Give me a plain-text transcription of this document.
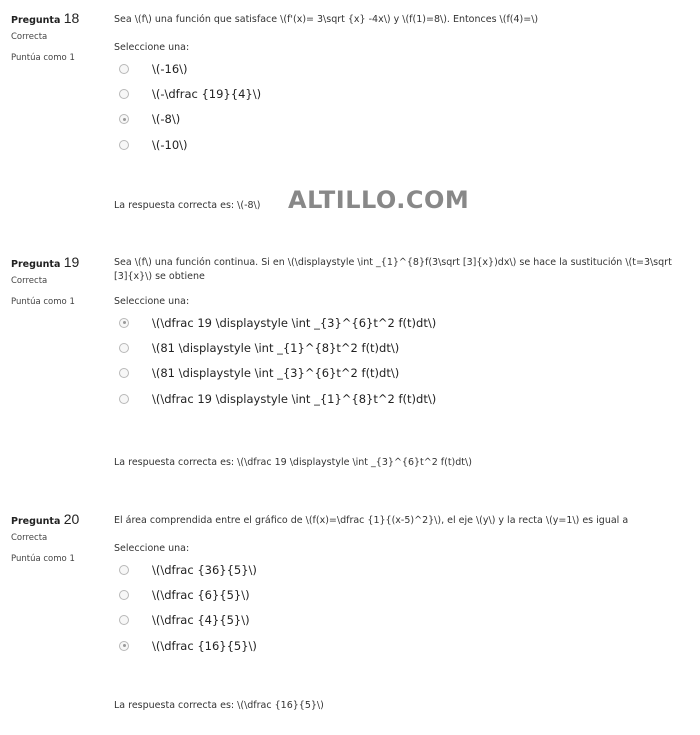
Pregunta 18
Correcta
Puntúa como 1
Sea \(f\) una función que satisface \(f'(x)= 3\sqrt {x} -4x\) y \(f(1)=8\). Entonces \(f(4)=\)
Seleccione una:
\(-16\)
\(-\dfrac {19}{4}\)
\(-8\)
\(-10\)
La respuesta correcta es: \(-8\) ALTILLO.COM
Pregunta 19
Correcta
Puntúa como 1
Sea \(f\) una función continua. Si en \(\displaystyle \int _{1}^{8}f(3\sqrt [3]{x})dx\) se hace la sustitución \(t=3\sqrt [3]{x}\) se obtiene
Seleccione una:
\(\dfrac 19 \displaystyle \int _{3}^{6}t^2 f(t)dt\)
\(81 \displaystyle \int _{1}^{8}t^2 f(t)dt\)
\(81 \displaystyle \int _{3}^{6}t^2 f(t)dt\)
\(\dfrac 19 \displaystyle \int _{1}^{8}t^2 f(t)dt\)
La respuesta correcta es: \(\dfrac 19 \displaystyle \int _{3}^{6}t^2 f(t)dt\)
Pregunta 20
Correcta
Puntúa como 1
El área comprendida entre el gráfico de \(f(x)=\dfrac {1}{(x-5)^2}\), el eje \(y\) y la recta \(y=1\) es igual a
Seleccione una:
\(\dfrac {36}{5}\)
\(\dfrac {6}{5}\)
\(\dfrac {4}{5}\)
\(\dfrac {16}{5}\)
La respuesta correcta es: \(\dfrac {16}{5}\)
